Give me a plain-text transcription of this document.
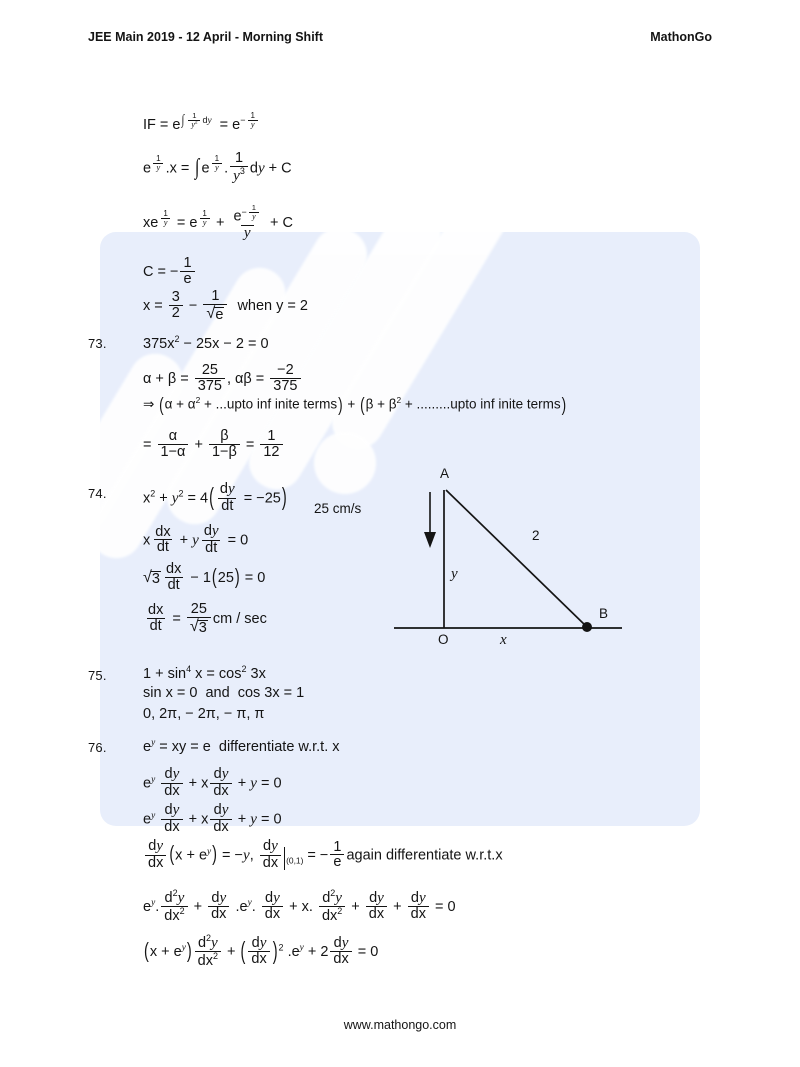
JEE Main 2019 - 12 April - Morning Shift	MathonGo
IF = e $^{\int \frac{1}{y^2} dy} = e^{- \frac{1}{y}}$
e $^{\frac{1}{y}}$ .x = ∫ e $^{\frac{1}{y}}$ . $\frac{1}{y^3}$ dy + C
xe $^{\frac{1}{y}}$ = e $^{\frac{1}{y}} + e^{- \frac{1}{y}}$
y + C
C = − $\frac{1}{e}$
$x = \frac{3}{2} - \frac{1}{√e}$ when y = 2
73.	$375x^2 - 25x - 2 = 0$
$\alpha + \beta = \frac{25}{375}$ , $\alpha\beta = \frac{-2}{375}$
⇒ ($\alpha + \alpha^2$ + ...upto inf inite terms) + ($\beta + \beta^2$ + .........upto inf inite terms)
= $\frac{\alpha}{1-\alpha} + \frac{\beta}{1-\beta} = \frac{1}{12}$
74.	$x^2 + y^2 = 4( \frac{dy}{dt} = -25)$
x $\frac{dx}{dt} + y \frac{dy}{dt} = 0$
$√3 \frac{dx}{dt} - 1(25) = 0$
$\frac{dx}{dt} = \frac{25}{√3}$ cm / sec
A
O
B
y
x
2
25 cm/s
75.	$1 + \sin^4 x = \cos^2 3x$
sin x = 0  and  cos 3x = 1
0, 2π, − 2π, − π, π
76.	$e^y$ = xy = e  differentiate w.r.t. x
$e^y \frac{dy}{dx} + x \frac{dy}{dx} + y = 0$
$e^y \frac{dy}{dx} + x \frac{dy}{dx} + y = 0$
$\frac{dy}{dx} (x + e^y) = -y$, $\frac{dy}{dx} _{(0,1)}$ = − $\frac{1}{e}$ again differentiate w.r.t.x
$e^y$. $\frac{d^2y}{dx^2} + \frac{dy}{dx} .e^y$. $\frac{dy}{dx} + x$. $\frac{d^2y}{dx^2} + \frac{dy}{dx} + \frac{dy}{dx} = 0$
$(x + e^y) \frac{d^2y}{dx^2}$ + ( $\frac{dy}{dx} )^2$ $.e^y + 2 \frac{dy}{dx} = 0$
www.mathongo.com
